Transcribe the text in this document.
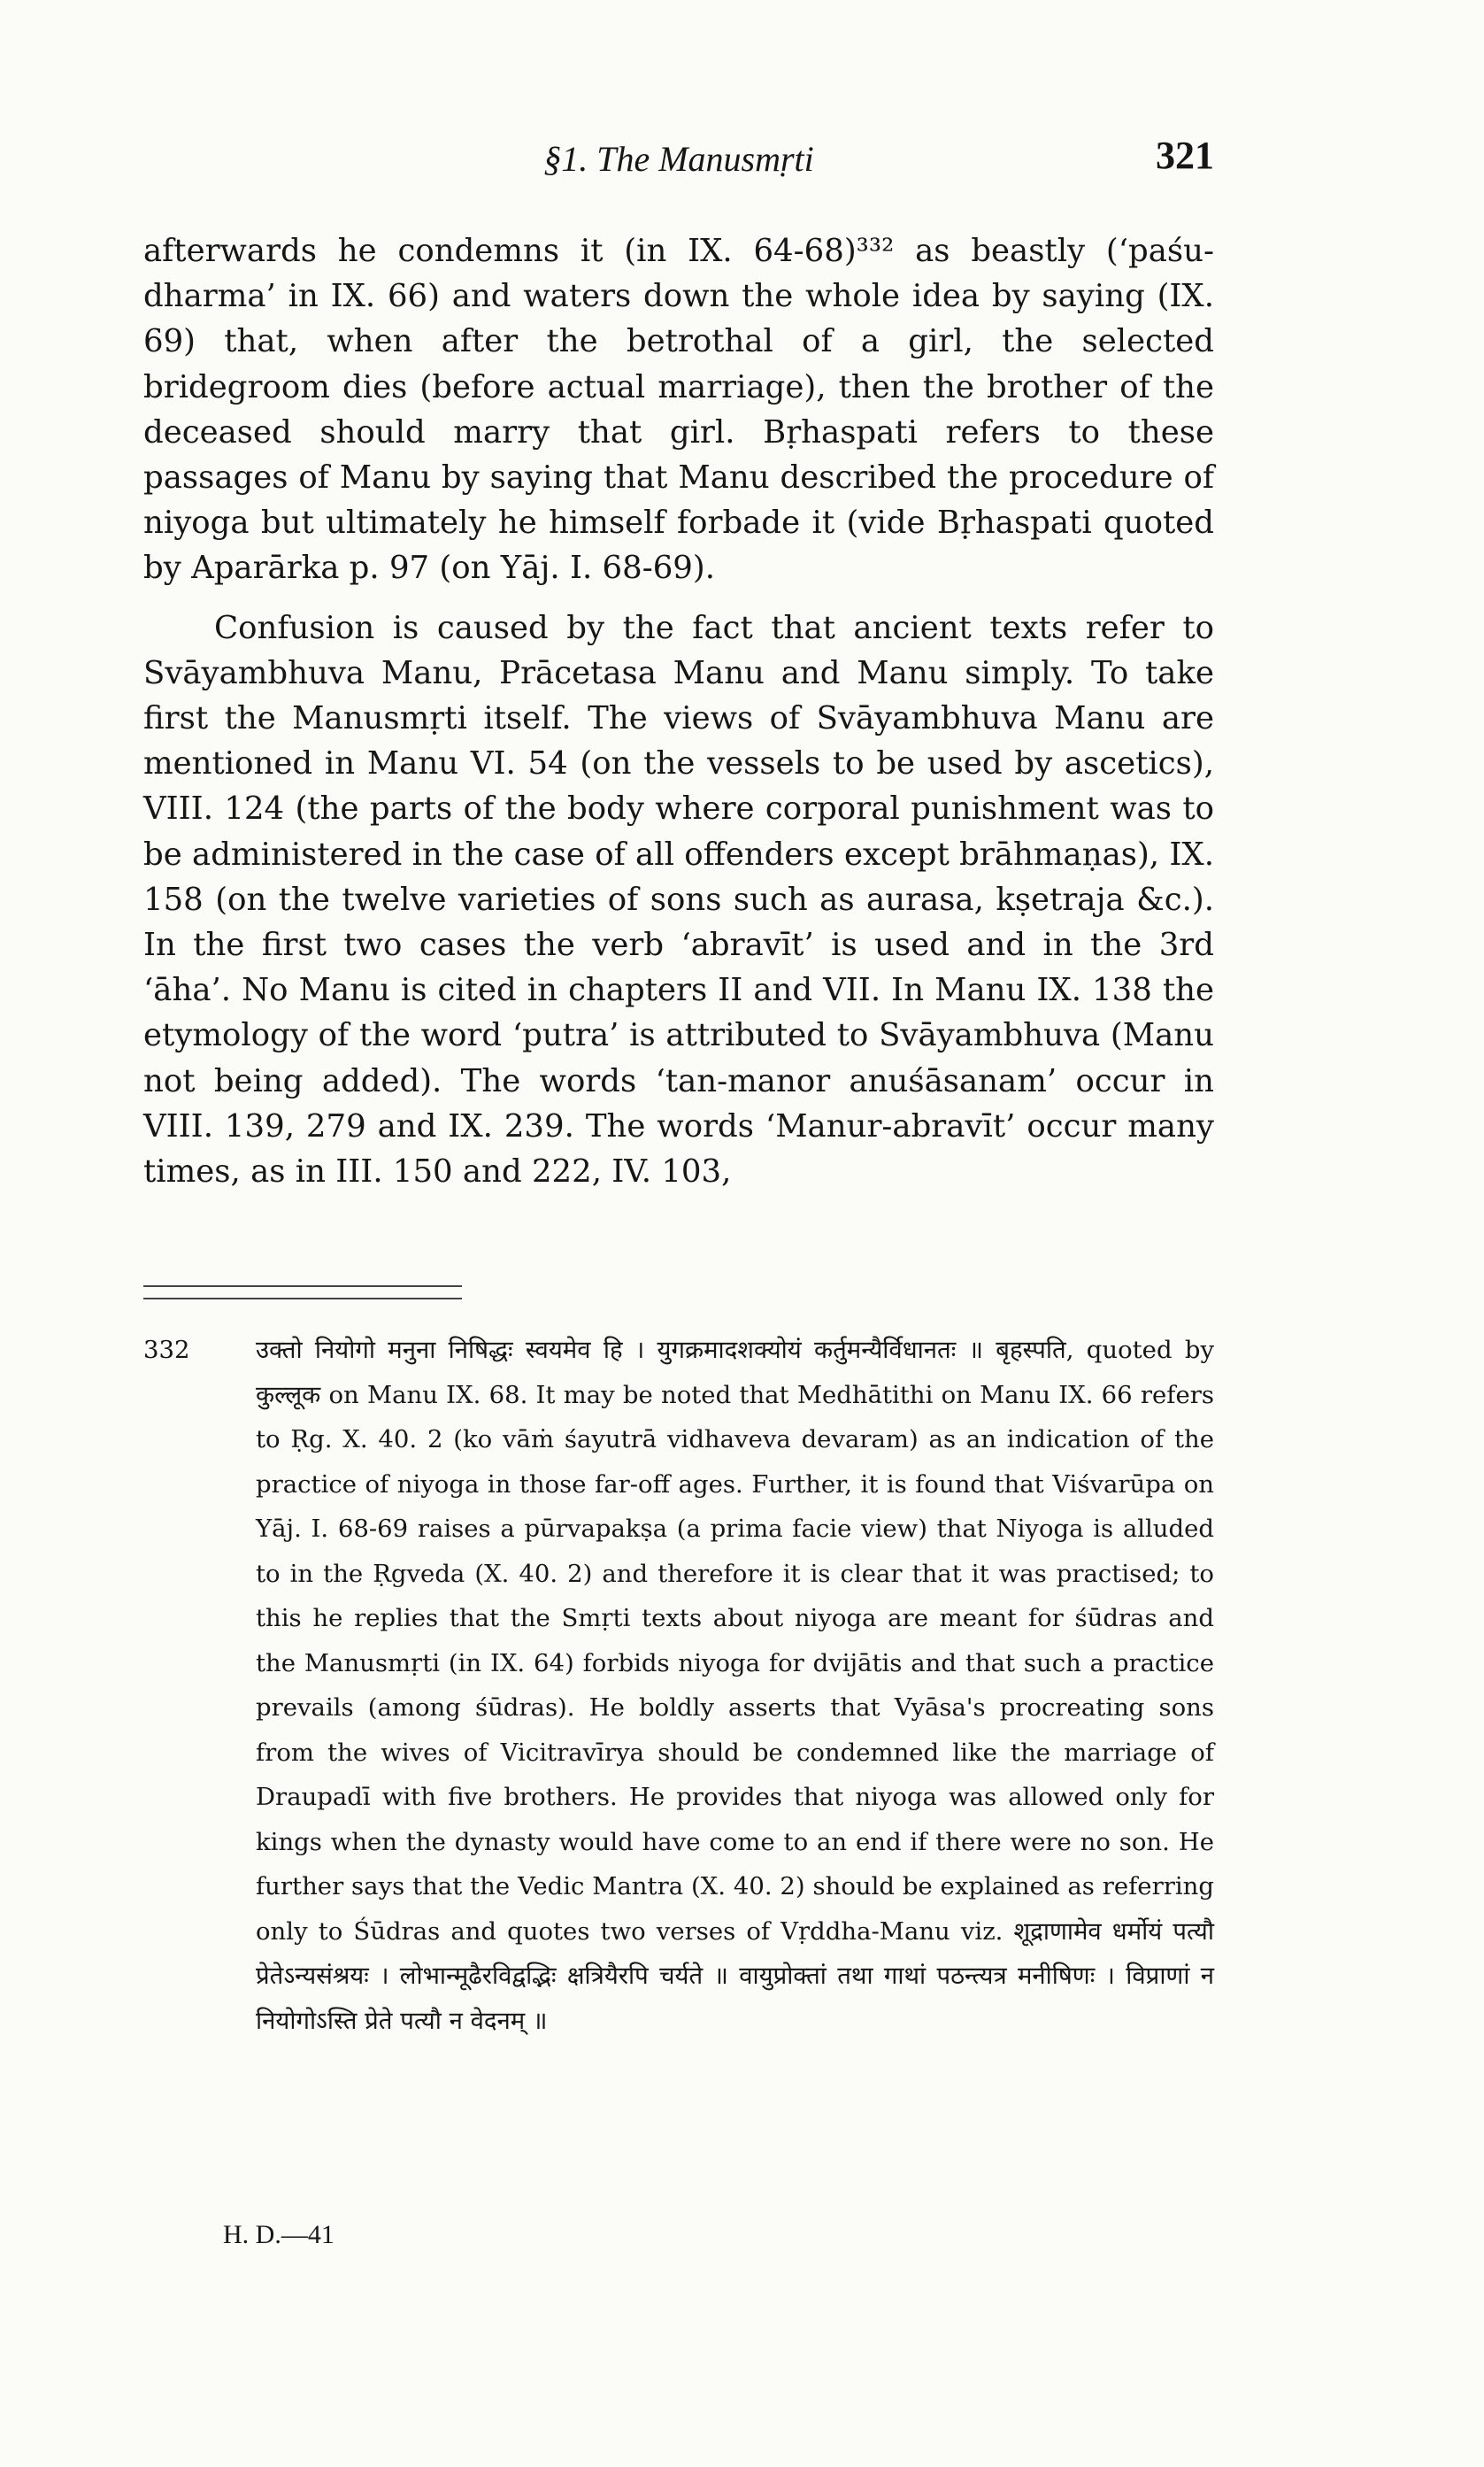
§1. The Manusmṛti	321

afterwards he condemns it (in IX. 64-68)³³² as beastly (‘paśu-dharma’ in IX. 66) and waters down the whole idea by saying (IX. 69) that, when after the betrothal of a girl, the selected bridegroom dies (before actual marriage), then the brother of the deceased should marry that girl. Bṛhaspati refers to these passages of Manu by saying that Manu described the procedure of niyoga but ultimately he himself forbade it (vide Bṛhaspati quoted by Aparārka p. 97 (on Yāj. I. 68-69).

Confusion is caused by the fact that ancient texts refer to Svāyambhuva Manu, Prācetasa Manu and Manu simply. To take first the Manusmṛti itself. The views of Svāyambhuva Manu are mentioned in Manu VI. 54 (on the vessels to be used by ascetics), VIII. 124 (the parts of the body where corporal punishment was to be administered in the case of all offenders except brāhmaṇas), IX. 158 (on the twelve varieties of sons such as aurasa, kṣetraja &c.). In the first two cases the verb ‘abravīt’ is used and in the 3rd ‘āha’. No Manu is cited in chapters II and VII. In Manu IX. 138 the etymology of the word ‘putra’ is attributed to Svāyambhuva (Manu not being added). The words ‘tan-manor anuśāsanam’ occur in VIII. 139, 279 and IX. 239. The words ‘Manur-abravīt’ occur many times, as in III. 150 and 222, IV. 103,

332	उक्तो नियोगो मनुना निषिद्धः स्वयमेव हि । युगक्रमादशक्योयं कर्तुमन्यैर्विधानतः ॥ बृहस्पति, quoted by कुल्लूक on Manu IX. 68. It may be noted that Medhātithi on Manu IX. 66 refers to Ṛg. X. 40. 2 (ko vāṁ śayutrā vidhaveva devaram) as an indication of the practice of niyoga in those far-off ages. Further, it is found that Viśvarūpa on Yāj. I. 68-69 raises a pūrvapakṣa (a prima facie view) that Niyoga is alluded to in the Ṛgveda (X. 40. 2) and therefore it is clear that it was practised; to this he replies that the Smṛti texts about niyoga are meant for śūdras and the Manusmṛti (in IX. 64) forbids niyoga for dvijātis and that such a practice prevails (among śūdras). He boldly asserts that Vyāsa's procreating sons from the wives of Vicitravīrya should be condemned like the marriage of Draupadī with five brothers. He provides that niyoga was allowed only for kings when the dynasty would have come to an end if there were no son. He further says that the Vedic Mantra (X. 40. 2) should be explained as referring only to Śūdras and quotes two verses of Vṛddha-Manu viz. शूद्राणामेव धर्मोयं पत्यौ प्रेतेऽन्यसंश्रयः । लोभान्मूढैरविद्वद्भिः क्षत्रियैरपि चर्यते ॥ वायुप्रोक्तां तथा गाथां पठन्त्यत्र मनीषिणः । विप्राणां न नियोगोऽस्ति प्रेते पत्यौ न वेदनम् ॥
H. D.—41
